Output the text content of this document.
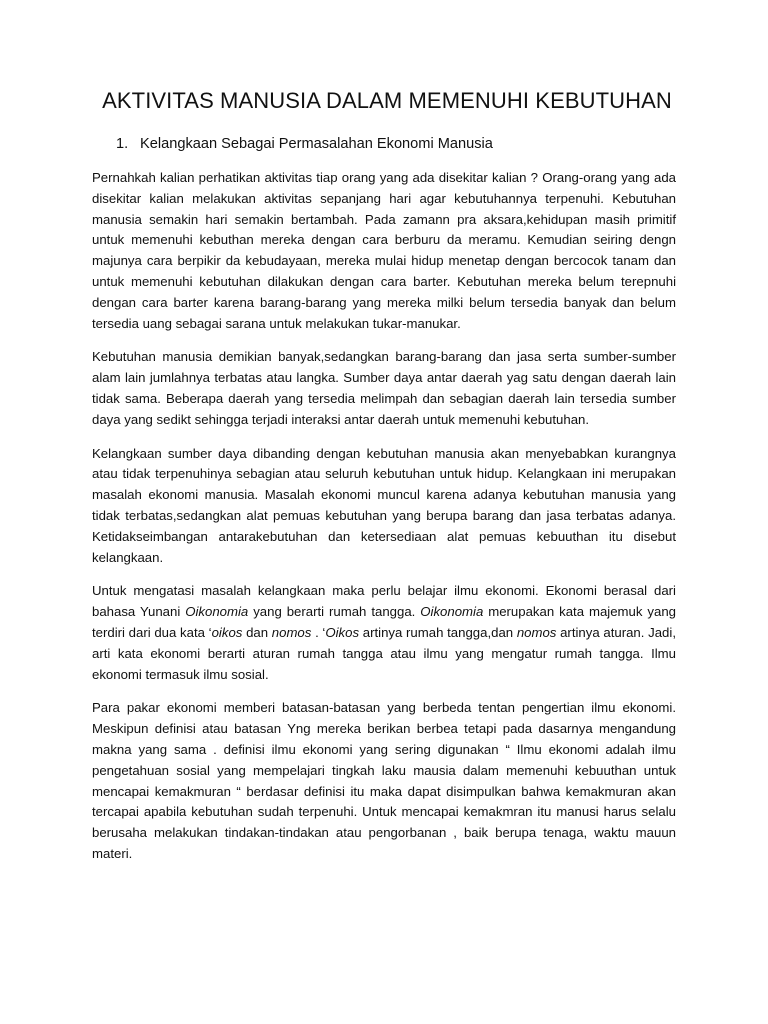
AKTIVITAS MANUSIA DALAM MEMENUHI KEBUTUHAN
1. Kelangkaan Sebagai Permasalahan Ekonomi Manusia

Pernahkah kalian perhatikan aktivitas tiap orang yang ada disekitar kalian ? Orang-orang yang ada disekitar kalian melakukan aktivitas sepanjang hari agar kebutuhannya terpenuhi. Kebutuhan manusia semakin hari semakin bertambah. Pada zamann pra aksara,kehidupan masih primitif untuk memenuhi kebuthan mereka dengan cara berburu da meramu. Kemudian seiring dengn majunya cara berpikir da kebudayaan, mereka mulai hidup menetap dengan bercocok tanam dan untuk memenuhi kebutuhan dilakukan dengan cara barter. Kebutuhan mereka belum terepnuhi dengan cara barter karena barang-barang yang mereka milki belum tersedia banyak dan belum tersedia uang sebagai sarana untuk melakukan tukar-manukar.

Kebutuhan manusia demikian banyak,sedangkan barang-barang dan jasa serta sumber-sumber alam lain jumlahnya terbatas atau langka. Sumber daya antar daerah yag satu dengan daerah lain tidak sama. Beberapa daerah yang tersedia melimpah dan sebagian daerah lain tersedia sumber daya yang sedikt sehingga terjadi interaksi antar daerah untuk memenuhi kebutuhan.

Kelangkaan sumber daya dibanding dengan kebutuhan manusia akan menyebabkan kurangnya atau tidak terpenuhinya sebagian atau seluruh kebutuhan untuk hidup. Kelangkaan ini merupakan masalah ekonomi manusia. Masalah ekonomi muncul karena adanya kebutuhan manusia yang tidak terbatas,sedangkan alat pemuas kebutuhan yang berupa barang dan jasa terbatas adanya. Ketidakseimbangan antarakebutuhan dan ketersediaan alat pemuas kebuuthan itu disebut kelangkaan.

Untuk mengatasi masalah kelangkaan maka perlu belajar ilmu ekonomi. Ekonomi berasal dari bahasa Yunani Oikonomia yang berarti rumah tangga. Oikonomia merupakan kata majemuk yang terdiri dari dua kata ‘oikos dan nomos . ‘Oikos artinya rumah tangga,dan nomos artinya aturan. Jadi, arti kata ekonomi berarti aturan rumah tangga atau ilmu yang mengatur rumah tangga. Ilmu ekonomi termasuk ilmu sosial.

Para pakar ekonomi memberi batasan-batasan yang berbeda tentan pengertian ilmu ekonomi. Meskipun definisi atau batasan Yng mereka berikan berbea tetapi pada dasarnya mengandung makna yang sama . definisi ilmu ekonomi yang sering digunakan “ Ilmu ekonomi adalah ilmu pengetahuan sosial yang mempelajari tingkah laku mausia dalam memenuhi kebuuthan untuk mencapai kemakmuran “ berdasar definisi itu maka dapat disimpulkan bahwa kemakmuran akan tercapai apabila kebutuhan sudah terpenuhi. Untuk mencapai kemakmran itu manusi harus selalu berusaha melakukan tindakan-tindakan atau pengorbanan , baik berupa tenaga, waktu mauun materi.
